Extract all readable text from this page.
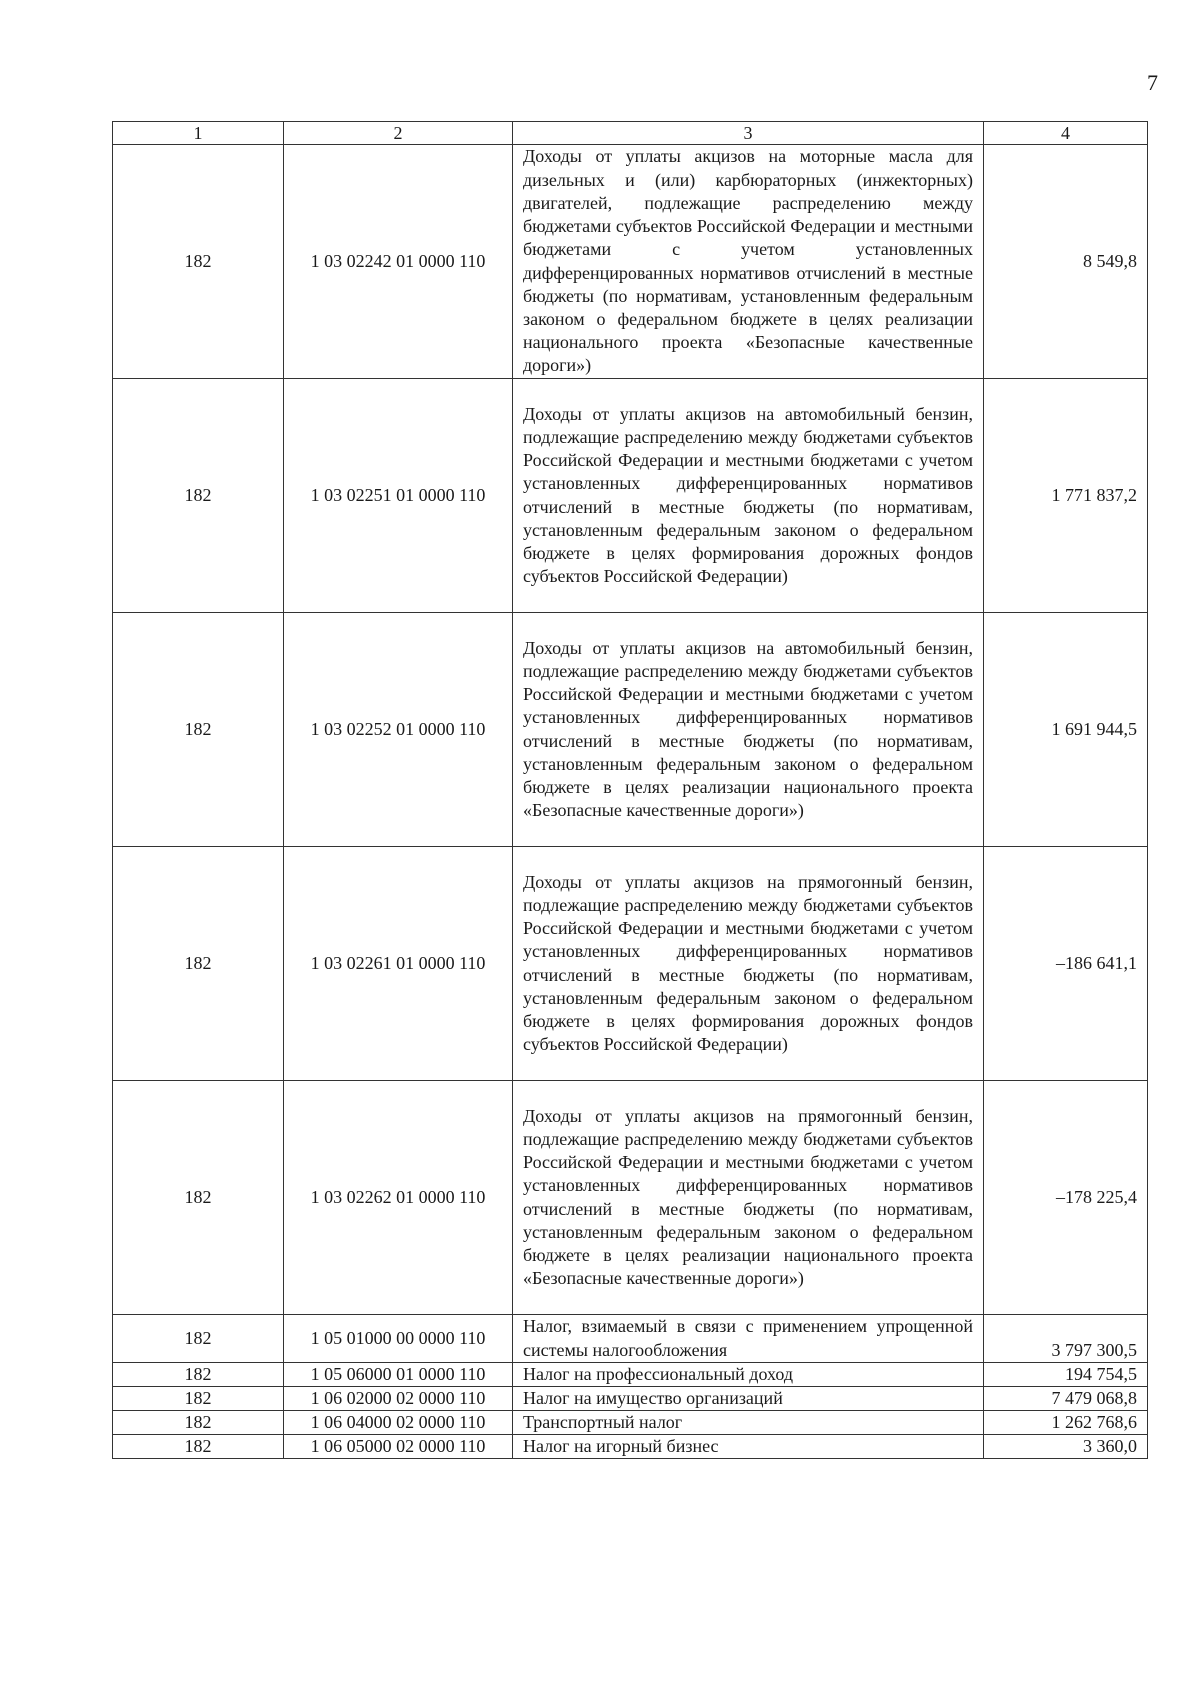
7
1	2	3	4
182	1 03 02242 01 0000 110	Доходы от уплаты акцизов на моторные масла для дизельных и (или) карбюраторных (инжекторных) двигателей, подлежащие распределению между бюджетами субъектов Российской Федерации и местными бюджетами с учетом установленных дифференцированных нормативов отчислений в местные бюджеты (по нормативам, установленным федеральным законом о федеральном бюджете в целях реализации национального проекта «Безопасные качественные дороги»)	8 549,8
182	1 03 02251 01 0000 110	Доходы от уплаты акцизов на автомобильный бензин, подлежащие распределению между бюджетами субъектов Российской Федерации и местными бюджетами с учетом установленных дифференцированных нормативов отчислений в местные бюджеты (по нормативам, установленным федеральным законом о федеральном бюджете в целях формирования дорожных фондов субъектов Российской Федерации)	1 771 837,2
182	1 03 02252 01 0000 110	Доходы от уплаты акцизов на автомобильный бензин, подлежащие распределению между бюджетами субъектов Российской Федерации и местными бюджетами с учетом установленных дифференцированных нормативов отчислений в местные бюджеты (по нормативам, установленным федеральным законом о федеральном бюджете в целях реализации национального проекта «Безопасные качественные дороги»)	1 691 944,5
182	1 03 02261 01 0000 110	Доходы от уплаты акцизов на прямогонный бензин, подлежащие распределению между бюджетами субъектов Российской Федерации и местными бюджетами с учетом установленных дифференцированных нормативов отчислений в местные бюджеты (по нормативам, установленным федеральным законом о федеральном бюджете в целях формирования дорожных фондов субъектов Российской Федерации)	–186 641,1
182	1 03 02262 01 0000 110	Доходы от уплаты акцизов на прямогонный бензин, подлежащие распределению между бюджетами субъектов Российской Федерации и местными бюджетами с учетом установленных дифференцированных нормативов отчислений в местные бюджеты (по нормативам, установленным федеральным законом о федеральном бюджете в целях реализации национального проекта «Безопасные качественные дороги»)	–178 225,4
182	1 05 01000 00 0000 110	Налог, взимаемый в связи с применением упрощенной системы налогообложения	3 797 300,5
182	1 05 06000 01 0000 110	Налог на профессиональный доход	194 754,5
182	1 06 02000 02 0000 110	Налог на имущество организаций	7 479 068,8
182	1 06 04000 02 0000 110	Транспортный налог	1 262 768,6
182	1 06 05000 02 0000 110	Налог на игорный бизнес	3 360,0
